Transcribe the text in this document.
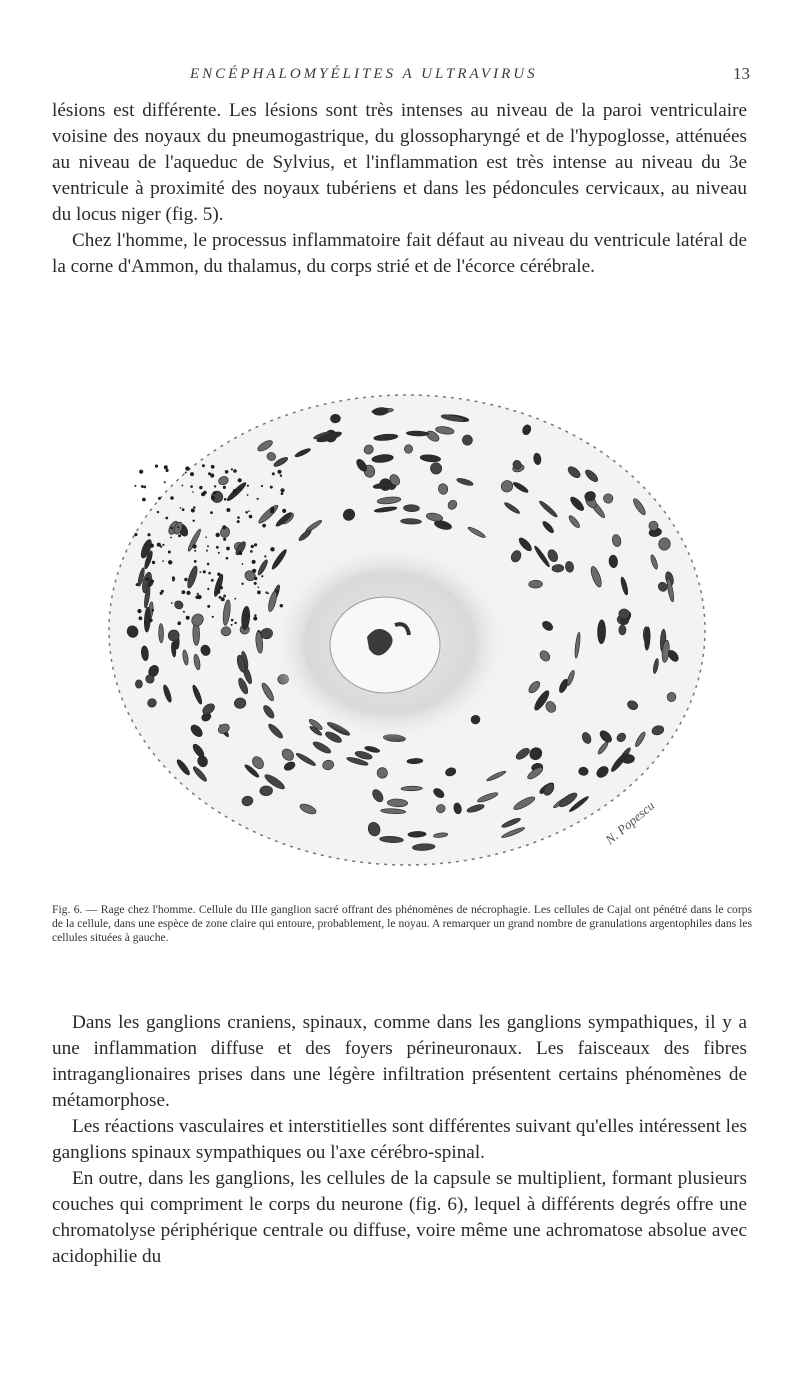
ENCÉPHALOMYÉLITES A ULTRAVIRUS	13

lésions est différente. Les lésions sont très intenses au niveau de la paroi ventriculaire voisine des noyaux du pneumogastrique, du glossopharyngé et de l'hypoglosse, atténuées au niveau de l'aqueduc de Sylvius, et l'inflammation est très intense au niveau du 3e ventricule à proximité des noyaux tubériens et dans les pédoncules cervicaux, au niveau du locus niger (fig. 5).

Chez l'homme, le processus inflammatoire fait défaut au niveau du ventricule latéral de la corne d'Ammon, du thalamus, du corps strié et de l'écorce cérébrale.

N. Popescu

Fig. 6. — Rage chez l'homme. Cellule du IIIe ganglion sacré offrant des phénomènes de nécrophagie. Les cellules de Cajal ont pénétré dans le corps de la cellule, dans une espèce de zone claire qui entoure, probablement, le noyau. A remarquer un grand nombre de granulations argentophiles dans les cellules situées à gauche.

Dans les ganglions craniens, spinaux, comme dans les ganglions sympathiques, il y a une inflammation diffuse et des foyers périneuronaux. Les faisceaux des fibres intraganglionaires prises dans une légère infiltration présentent certains phénomènes de métamorphose.

Les réactions vasculaires et interstitielles sont différentes suivant qu'elles intéressent les ganglions spinaux sympathiques ou l'axe cérébro-spinal.

En outre, dans les ganglions, les cellules de la capsule se multiplient, formant plusieurs couches qui compriment le corps du neurone (fig. 6), lequel à différents degrés offre une chromatolyse périphérique centrale ou diffuse, voire même une achromatose absolue avec acidophilie du
